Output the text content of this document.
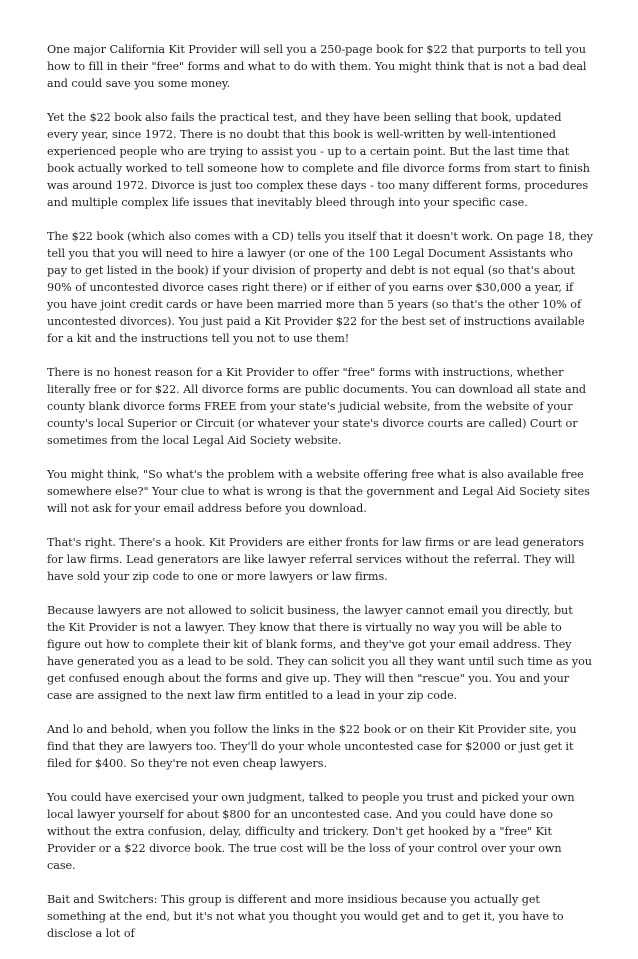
One major California Kit Provider will sell you a 250-page book for $22 that purports to tell you how to fill in their "free" forms and what to do with them. You might think that is not a bad deal and could save you some money.

Yet the $22 book also fails the practical test, and they have been selling that book, updated every year, since 1972. There is no doubt that this book is well-written by well-intentioned experienced people who are trying to assist you - up to a certain point. But the last time that book actually worked to tell someone how to complete and file divorce forms from start to finish was around 1972. Divorce is just too complex these days - too many different forms, procedures and multiple complex life issues that inevitably bleed through into your specific case.

The $22 book (which also comes with a CD) tells you itself that it doesn't work. On page 18, they tell you that you will need to hire a lawyer (or one of the 100 Legal Document Assistants who pay to get listed in the book) if your division of property and debt is not equal (so that's about 90% of uncontested divorce cases right there) or if either of you earns over $30,000 a year, if you have joint credit cards or have been married more than 5 years (so that's the other 10% of uncontested divorces). You just paid a Kit Provider $22 for the best set of instructions available for a kit and the instructions tell you not to use them!

There is no honest reason for a Kit Provider to offer "free" forms with instructions, whether literally free or for $22. All divorce forms are public documents. You can download all state and county blank divorce forms FREE from your state's judicial website, from the website of your county's local Superior or Circuit (or whatever your state's divorce courts are called) Court or sometimes from the local Legal Aid Society website.

You might think, "So what's the problem with a website offering free what is also available free somewhere else?" Your clue to what is wrong is that the government and Legal Aid Society sites will not ask for your email address before you download.

That's right. There's a hook. Kit Providers are either fronts for law firms or are lead generators for law firms. Lead generators are like lawyer referral services without the referral. They will have sold your zip code to one or more lawyers or law firms.

Because lawyers are not allowed to solicit business, the lawyer cannot email you directly, but the Kit Provider is not a lawyer. They know that there is virtually no way you will be able to figure out how to complete their kit of blank forms, and they've got your email address. They have generated you as a lead to be sold. They can solicit you all they want until such time as you get confused enough about the forms and give up. They will then "rescue" you. You and your case are assigned to the next law firm entitled to a lead in your zip code.

And lo and behold, when you follow the links in the $22 book or on their Kit Provider site, you find that they are lawyers too. They'll do your whole uncontested case for $2000 or just get it filed for $400. So they're not even cheap lawyers.

You could have exercised your own judgment, talked to people you trust and picked your own local lawyer yourself for about $800 for an uncontested case. And you could have done so without the extra confusion, delay, difficulty and trickery. Don't get hooked by a "free" Kit Provider or a $22 divorce book. The true cost will be the loss of your control over your own case.

Bait and Switchers: This group is different and more insidious because you actually get something at the end, but it's not what you thought you would get and to get it, you have to disclose a lot of
